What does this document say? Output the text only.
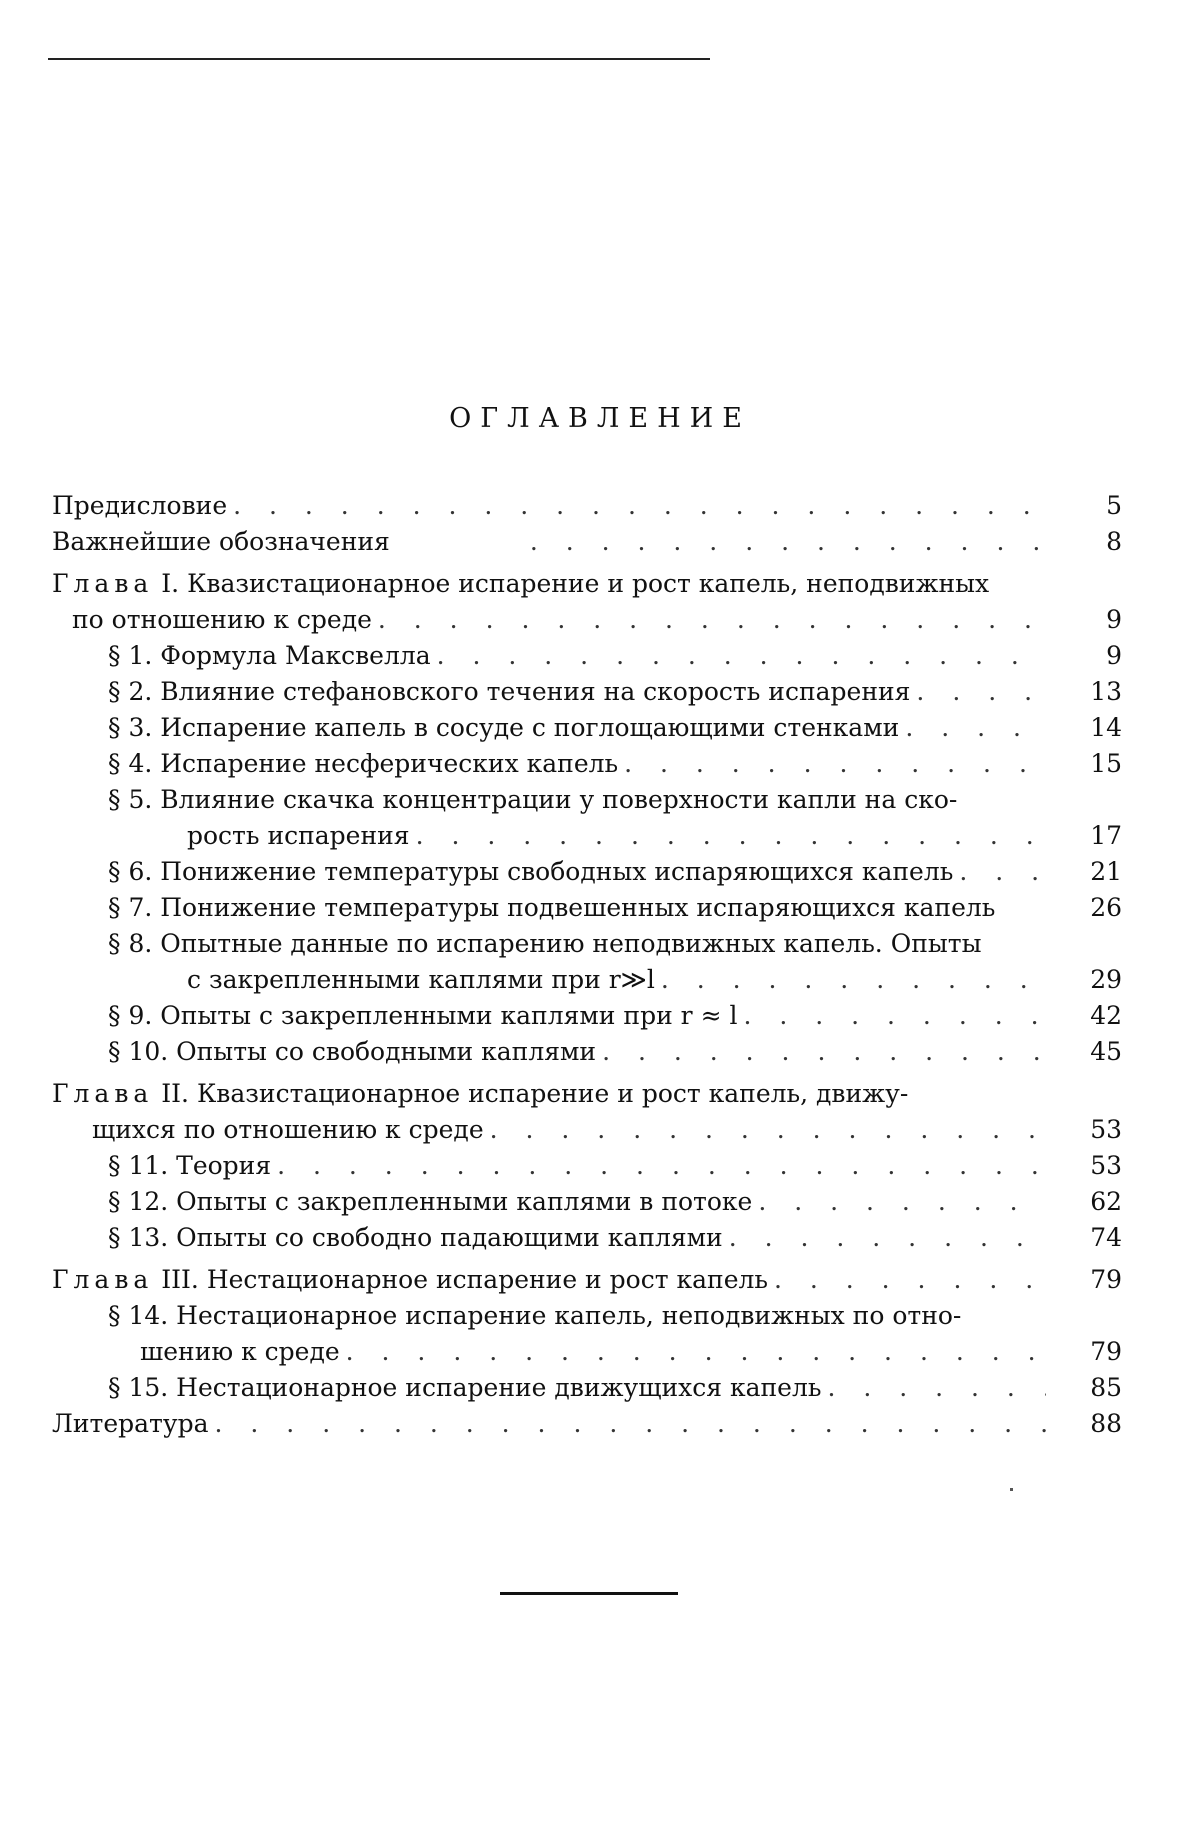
ОГЛАВЛЕНИЕ
Предисловие . . .	5
Важнейшие обозначения . . .	8
Глава I. Квазистационарное испарение и рост капель, неподвижных
по отношению к среде . . .	9
§ 1. Формула Максвелла . . .	9
§ 2. Влияние стефановского течения на скорость испарения . . .	13
§ 3. Испарение капель в сосуде с поглощающими стенками . . .	14
§ 4. Испарение несферических капель . . .	15
§ 5. Влияние скачка концентрации у поверхности капли на ско-
рость испарения . . .	17
§ 6. Понижение температуры свободных испаряющихся капель . . .	21
§ 7. Понижение температуры подвешенных испаряющихся капель	26
§ 8. Опытные данные по испарению неподвижных капель. Опыты
с закрепленными каплями при r≫l . . .	29
§ 9. Опыты с закрепленными каплями при r ≈ l . . .	42
§ 10. Опыты со свободными каплями . . .	45
Глава II. Квазистационарное испарение и рост капель, движу-
щихся по отношению к среде . . .	53
§ 11. Теория . . .	53
§ 12. Опыты с закрепленными каплями в потоке . . .	62
§ 13. Опыты со свободно падающими каплями . . .	74
Глава III. Нестационарное испарение и рост капель . . .	79
§ 14. Нестационарное испарение капель, неподвижных по отно-
шению к среде . . .	79
§ 15. Нестационарное испарение движущихся капель . . .	85
Литература . . .	88
